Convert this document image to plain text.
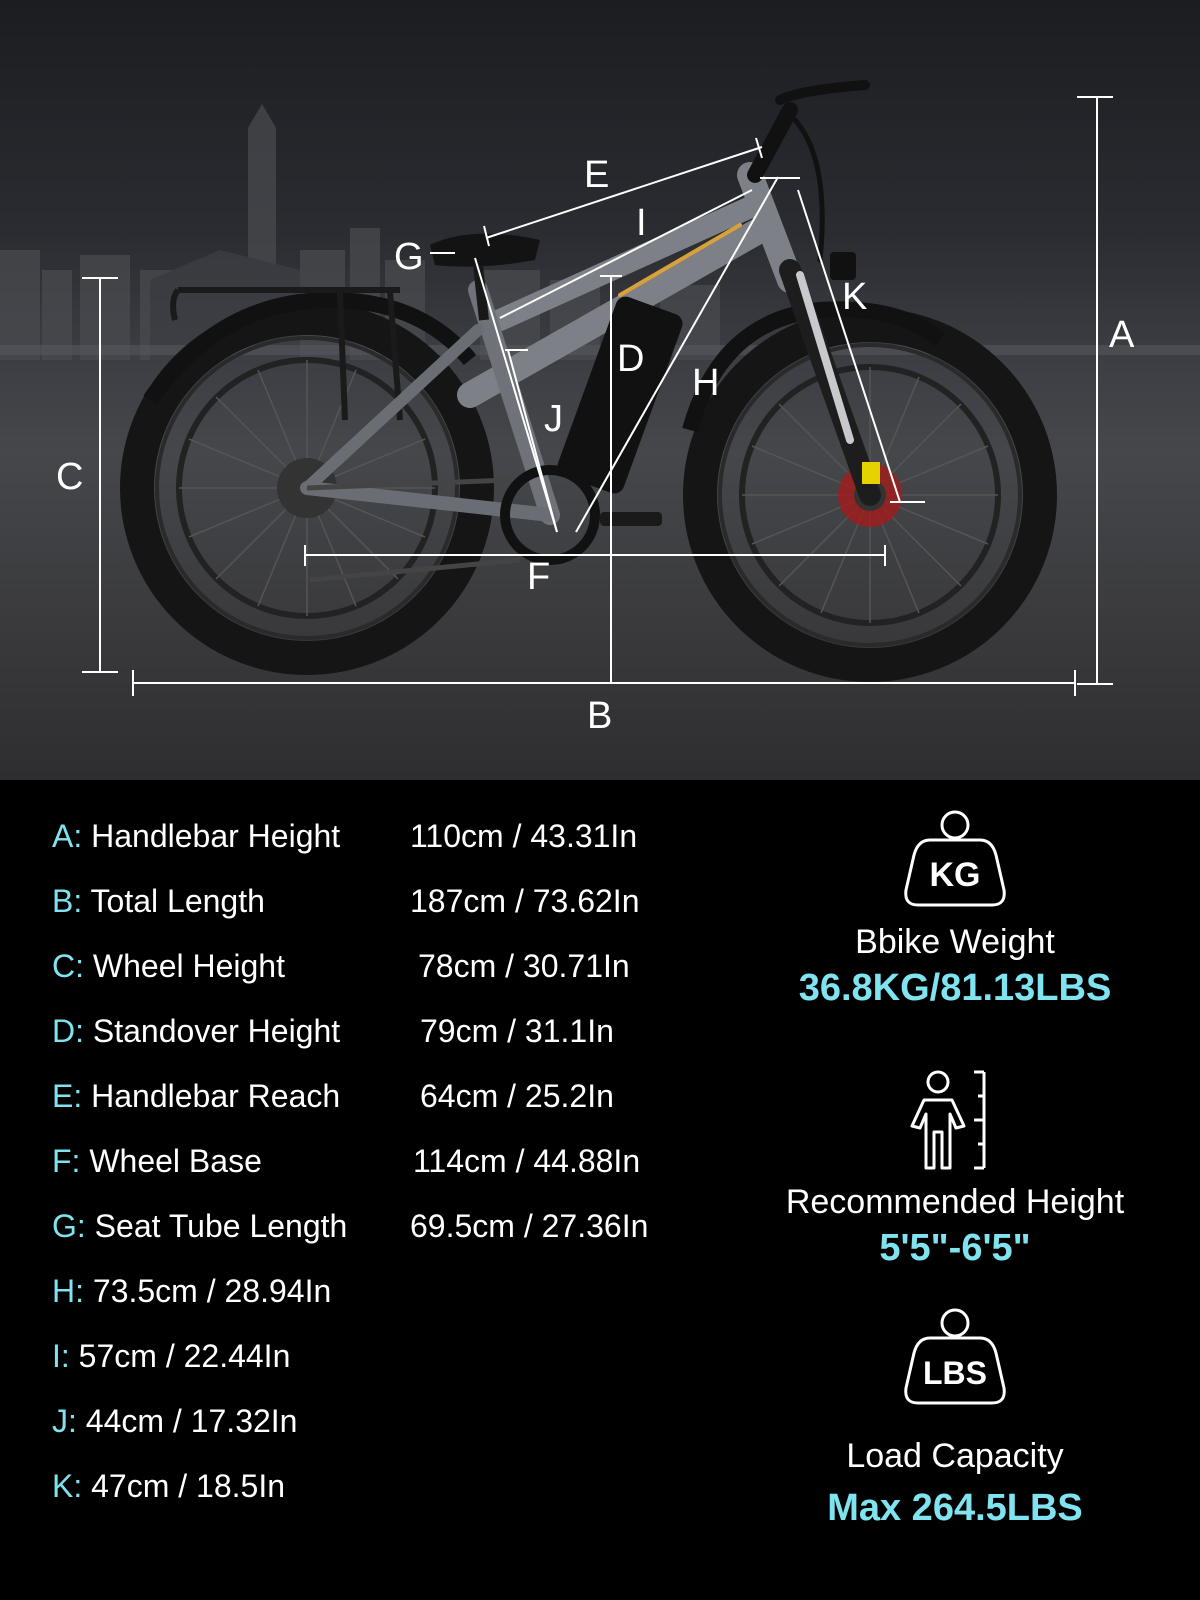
A
B
C
D
E
F
G
H
I
J
K
A: Handlebar Height 110cm / 43.31In
B: Total Length	187cm / 73.62In
C: Wheel Height	78cm / 30.71In
D: Standover Height 79cm / 31.1In
E: Handlebar Reach 64cm / 25.2In
F: Wheel Base	114cm / 44.88In
G: Seat Tube Length 69.5cm / 27.36In
H: 73.5cm / 28.94In
I: 57cm / 22.44In
J: 44cm / 17.32In
K: 47cm / 18.5In
KG
Bbike Weight
36.8KG/81.13LBS
Recommended Height
5'5"-6'5"
LBS
Load Capacity
Max 264.5LBS
